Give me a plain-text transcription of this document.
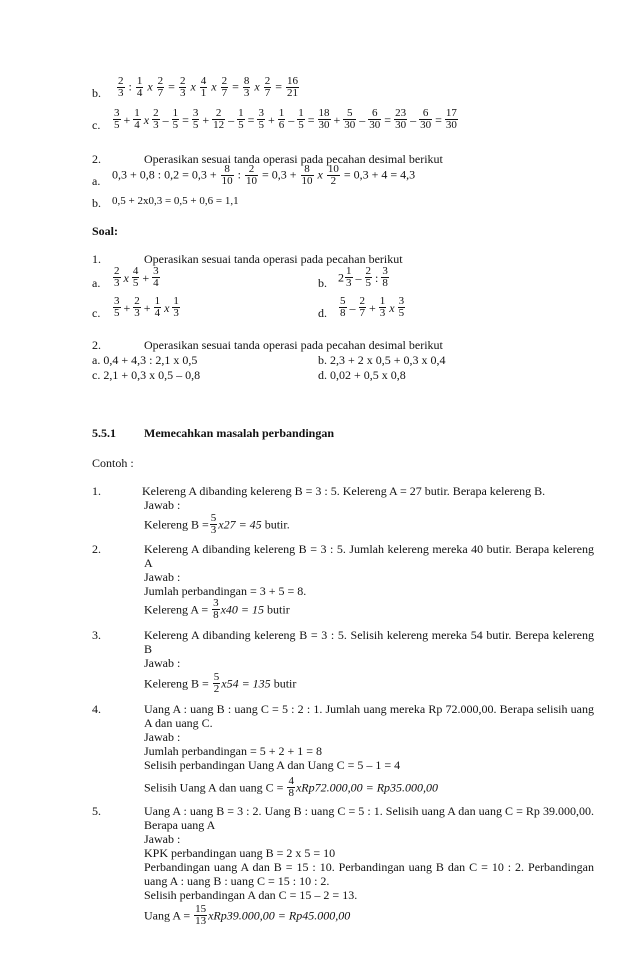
b. $\frac{2}{3}$ : $\frac{1}{4}$ x $\frac{2}{7} = \frac{2}{3}$ x $\frac{4}{1}$ x $\frac{2}{7} = \frac{8}{3}$ x $\frac{2}{7} = \frac{16}{21}$
c. $\frac{3}{5} + \frac{1}{4}$ x $\frac{2}{3} - \frac{1}{5} = \frac{3}{5} + \frac{2}{12} - \frac{1}{5} = \frac{3}{5} + \frac{1}{6} - \frac{1}{5} = \frac{18}{30} + \frac{5}{30} - \frac{6}{30} = \frac{23}{30} - \frac{6}{30} = \frac{17}{30}$
2.	Operasikan sesuai tanda operasi pada pecahan desimal berikut
a. 0,3 + 0,8 : $0,2 = 0,3 + \frac{8}{10}$ : $\frac{2}{10} = 0,3 + \frac{8}{10}$ x $\frac{10}{2} = 0,3 + 4 = 4,3$
b. 0,5 + 2x0,3 = 0,5 + 0,6 = 1,1
Soal:
1.	Operasikan sesuai tanda operasi pada pecahan berikut
a. $\frac{2}{3}$ x $\frac{4}{5} + \frac{3}{4}$	b. $2 \frac{1}{3} - \frac{2}{5}$ : $\frac{3}{8}$
c. $\frac{3}{5} + \frac{2}{3} + \frac{1}{4}$ x $\frac{1}{3}$	d. $\frac{5}{8} - \frac{2}{7} + \frac{1}{3}$ x $\frac{3}{5}$
2.	Operasikan sesuai tanda operasi pada pecahan desimal berikut
a. 0,4 + 4,3 : 2,1 x 0,5	b. 2,3 + 2 x 0,5 + 0,3 x 0,4
c. 2,1 + 0,3 x 0,5 – 0,8	d. 0,02 + 0,5 x 0,8
5.5.1 Memecahkan masalah perbandingan
Contoh :
1.	Kelereng A dibanding kelereng B = 3 : 5. Kelereng A = 27 butir. Berapa kelereng B.
Jawab :
Kelereng $B = \frac{5}{3} x27 = 45$ butir.
2.	Kelereng A dibanding kelereng B = 3 : 5. Jumlah kelereng mereka 40 butir. Berapa kelereng A
Jawab :
Jumlah perbandingan = 3 + 5 = 8.
Kelereng $A = \frac{3}{8} x40 = 15$ butir
3.	Kelereng A dibanding kelereng B = 3 : 5. Selisih kelereng mereka 54 butir. Berepa kelereng B
Jawab :
Kelereng $B = \frac{5}{2} x54 = 135$ butir
4.	Uang A : uang B : uang C = 5 : 2 : 1. Jumlah uang mereka Rp 72.000,00. Berapa selisih uang A dan uang C.
Jawab :
Jumlah perbandingan = 5 + 2 + 1 = 8
Selisih perbandingan Uang A dan Uang C = 5 – 1 = 4
Selisih Uang A dan uang $C = \frac{4}{8} xRp72.000,00 = Rp35.000,00$
5.	Uang A : uang B = 3 : 2. Uang B : uang C = 5 : 1. Selisih uang A dan uang C = Rp 39.000,00. Berapa uang A
Jawab :
KPK perbandingan uang B = 2 x 5 = 10
Perbandingan uang A dan B = 15 : 10. Perbandingan uang B dan C = 10 : 2. Perbandingan uang A : uang B : uang C = 15 : 10 : 2.
Selisih perbandingan A dan C = 15 – 2 = 13.
Uang $A = \frac{15}{13} xRp39.000,00 = Rp45.000,00$
